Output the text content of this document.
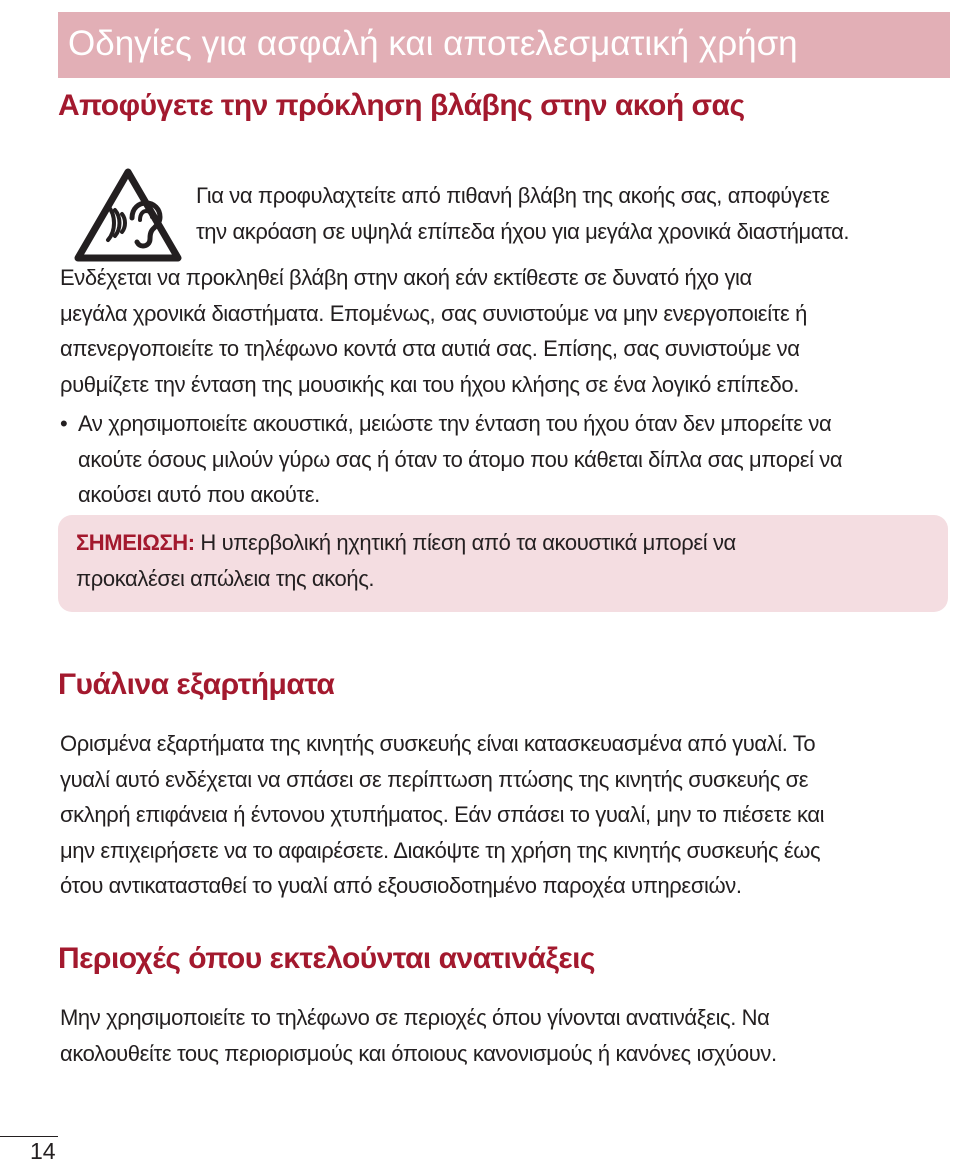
Οδηγίες για ασφαλή και αποτελεσματική χρήση
Αποφύγετε την πρόκληση βλάβης στην ακοή σας
Για να προφυλαχτείτε από πιθανή βλάβη της ακοής σας, αποφύγετε
την ακρόαση σε υψηλά επίπεδα ήχου για μεγάλα χρονικά διαστήματα.
Ενδέχεται να προκληθεί βλάβη στην ακοή εάν εκτίθεστε σε δυνατό ήχο για
μεγάλα χρονικά διαστήματα. Επομένως, σας συνιστούμε να μην ενεργοποιείτε ή
απενεργοποιείτε το τηλέφωνο κοντά στα αυτιά σας. Επίσης, σας συνιστούμε να
ρυθμίζετε την ένταση της μουσικής και του ήχου κλήσης σε ένα λογικό επίπεδο.
• Αν χρησιμοποιείτε ακουστικά, μειώστε την ένταση του ήχου όταν δεν μπορείτε να
ακούτε όσους μιλούν γύρω σας ή όταν το άτομο που κάθεται δίπλα σας μπορεί να
ακούσει αυτό που ακούτε.
ΣΗΜΕΙΩΣΗ: Η υπερβολική ηχητική πίεση από τα ακουστικά μπορεί να
προκαλέσει απώλεια της ακοής.
Γυάλινα εξαρτήματα
Ορισμένα εξαρτήματα της κινητής συσκευής είναι κατασκευασμένα από γυαλί. Το
γυαλί αυτό ενδέχεται να σπάσει σε περίπτωση πτώσης της κινητής συσκευής σε
σκληρή επιφάνεια ή έντονου χτυπήματος. Εάν σπάσει το γυαλί, μην το πιέσετε και
μην επιχειρήσετε να το αφαιρέσετε. Διακόψτε τη χρήση της κινητής συσκευής έως
ότου αντικατασταθεί το γυαλί από εξουσιοδοτημένο παροχέα υπηρεσιών.
Περιοχές όπου εκτελούνται ανατινάξεις
Μην χρησιμοποιείτε το τηλέφωνο σε περιοχές όπου γίνονται ανατινάξεις. Να
ακολουθείτε τους περιορισμούς και όποιους κανονισμούς ή κανόνες ισχύουν.
14
